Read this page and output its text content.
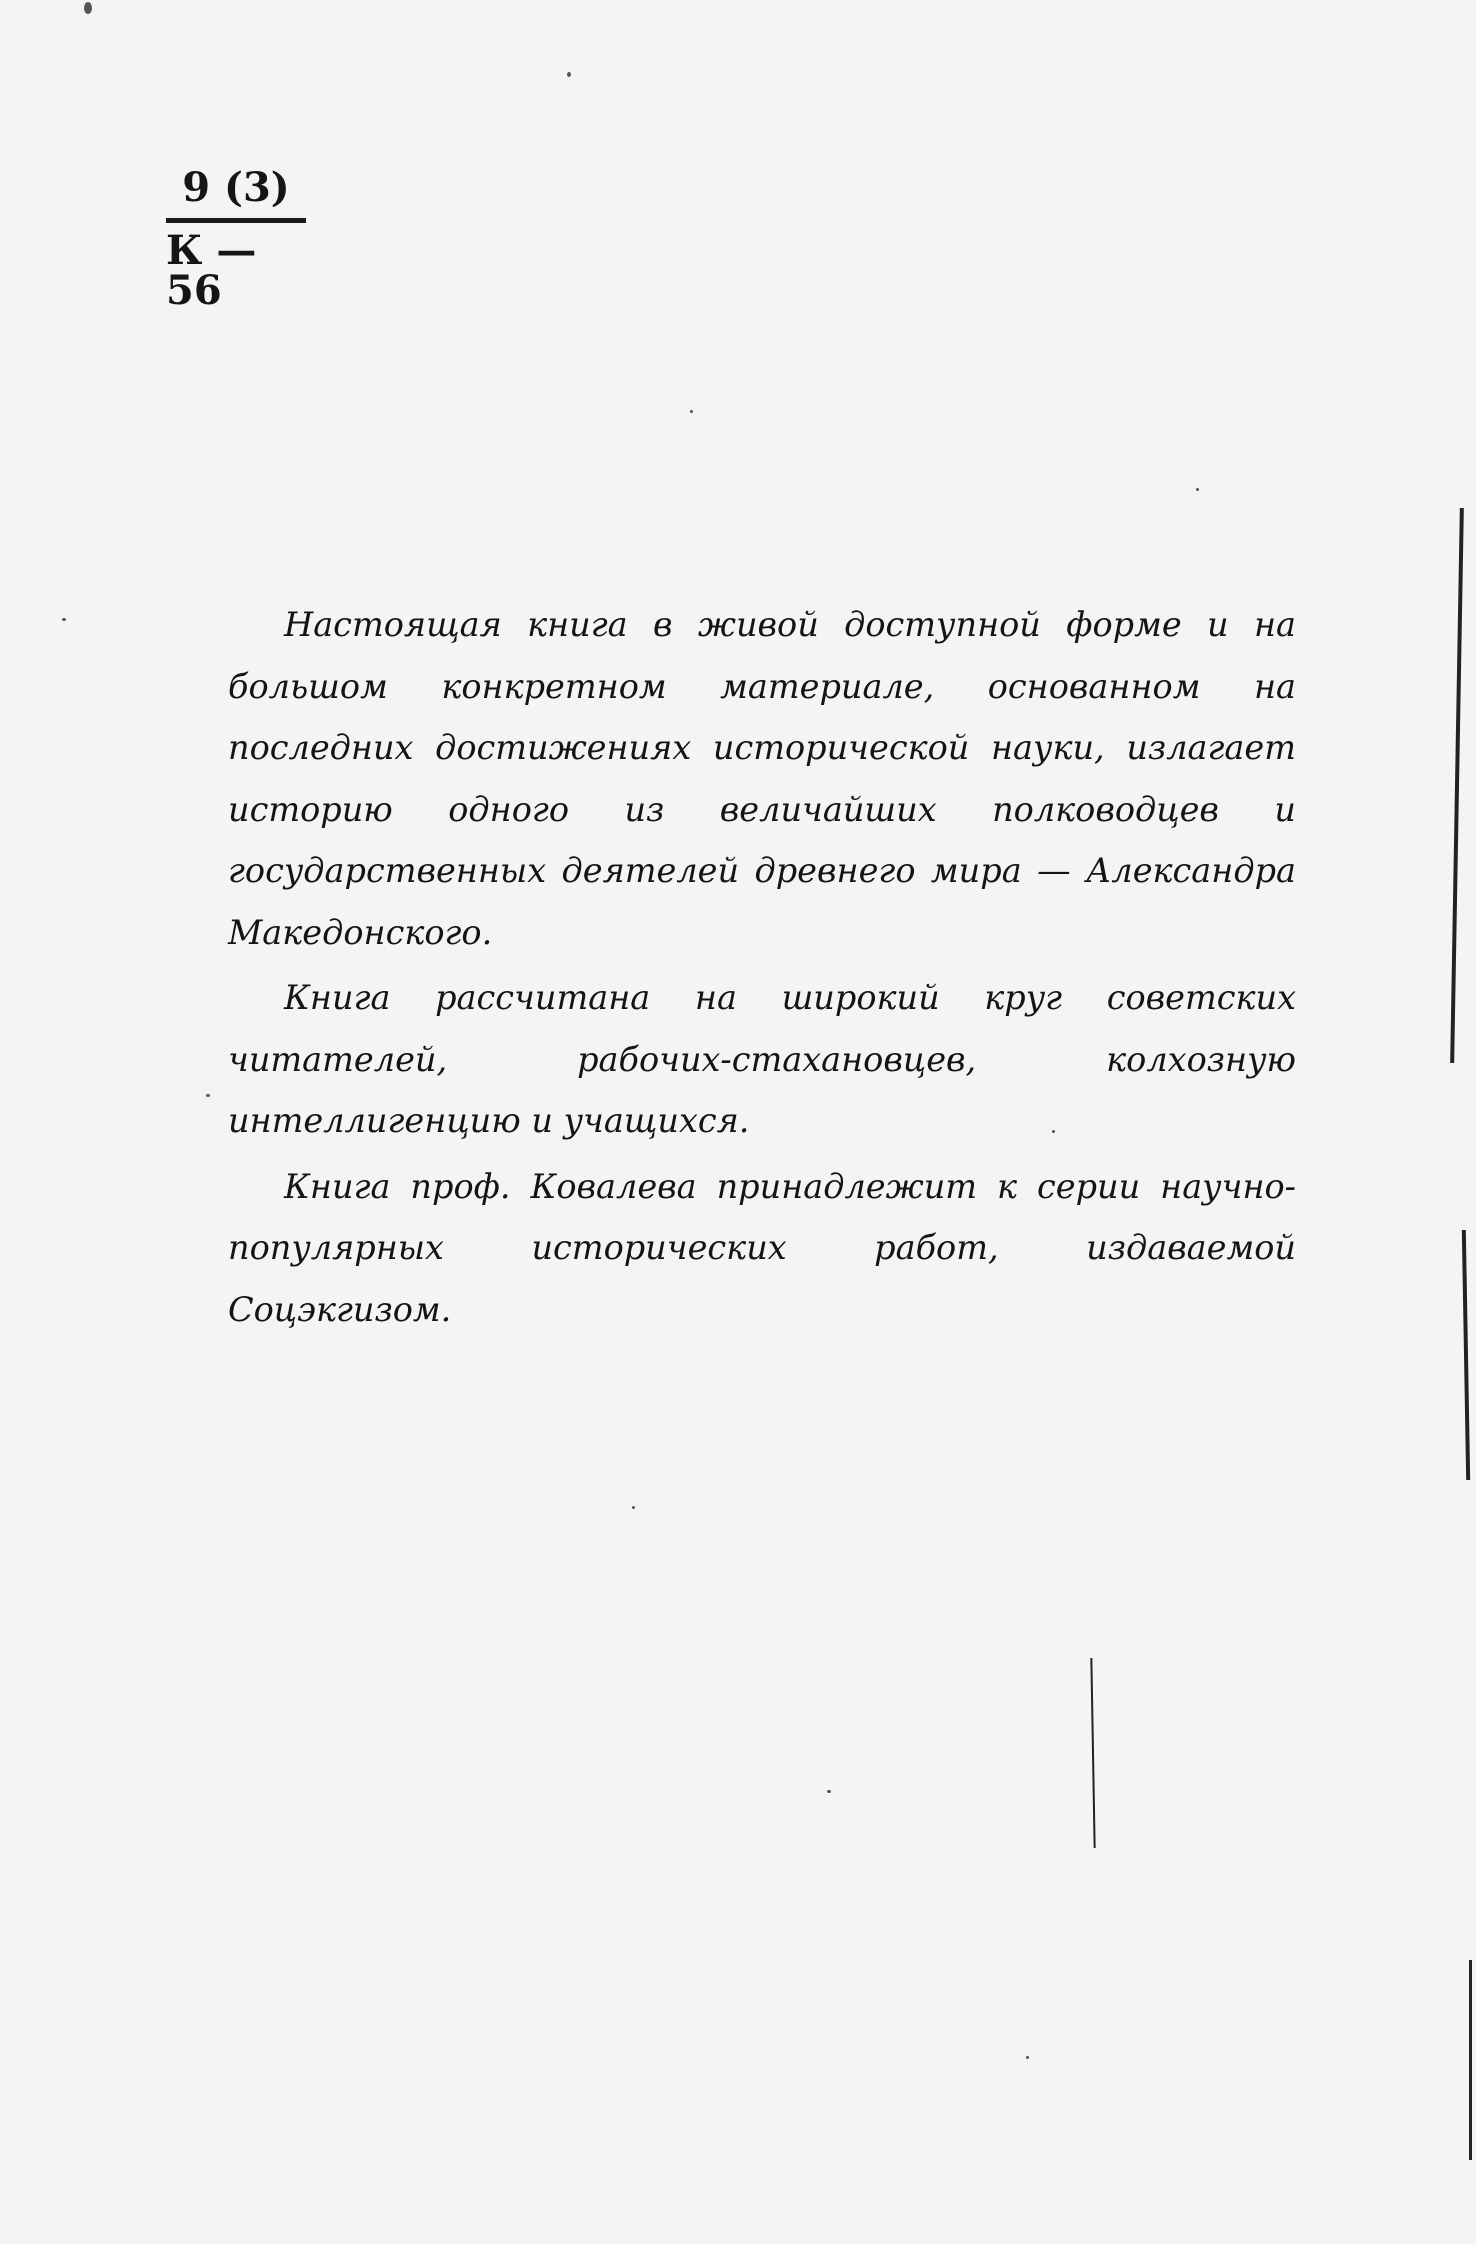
9 (3)
К — 56

Настоящая книга в живой доступной форме и на большом конкретном материале, основанном на последних достижениях исторической науки, излагает историю одного из величайших полководцев и государственных деятелей древнего мира — Александра Македонского.

Книга рассчитана на широкий круг советских читателей, рабочих-стахановцев, колхозную интеллигенцию и учащихся.

Книга проф. Ковалева принадлежит к серии научно-популярных исторических работ, издаваемой Соцэкгизом.
